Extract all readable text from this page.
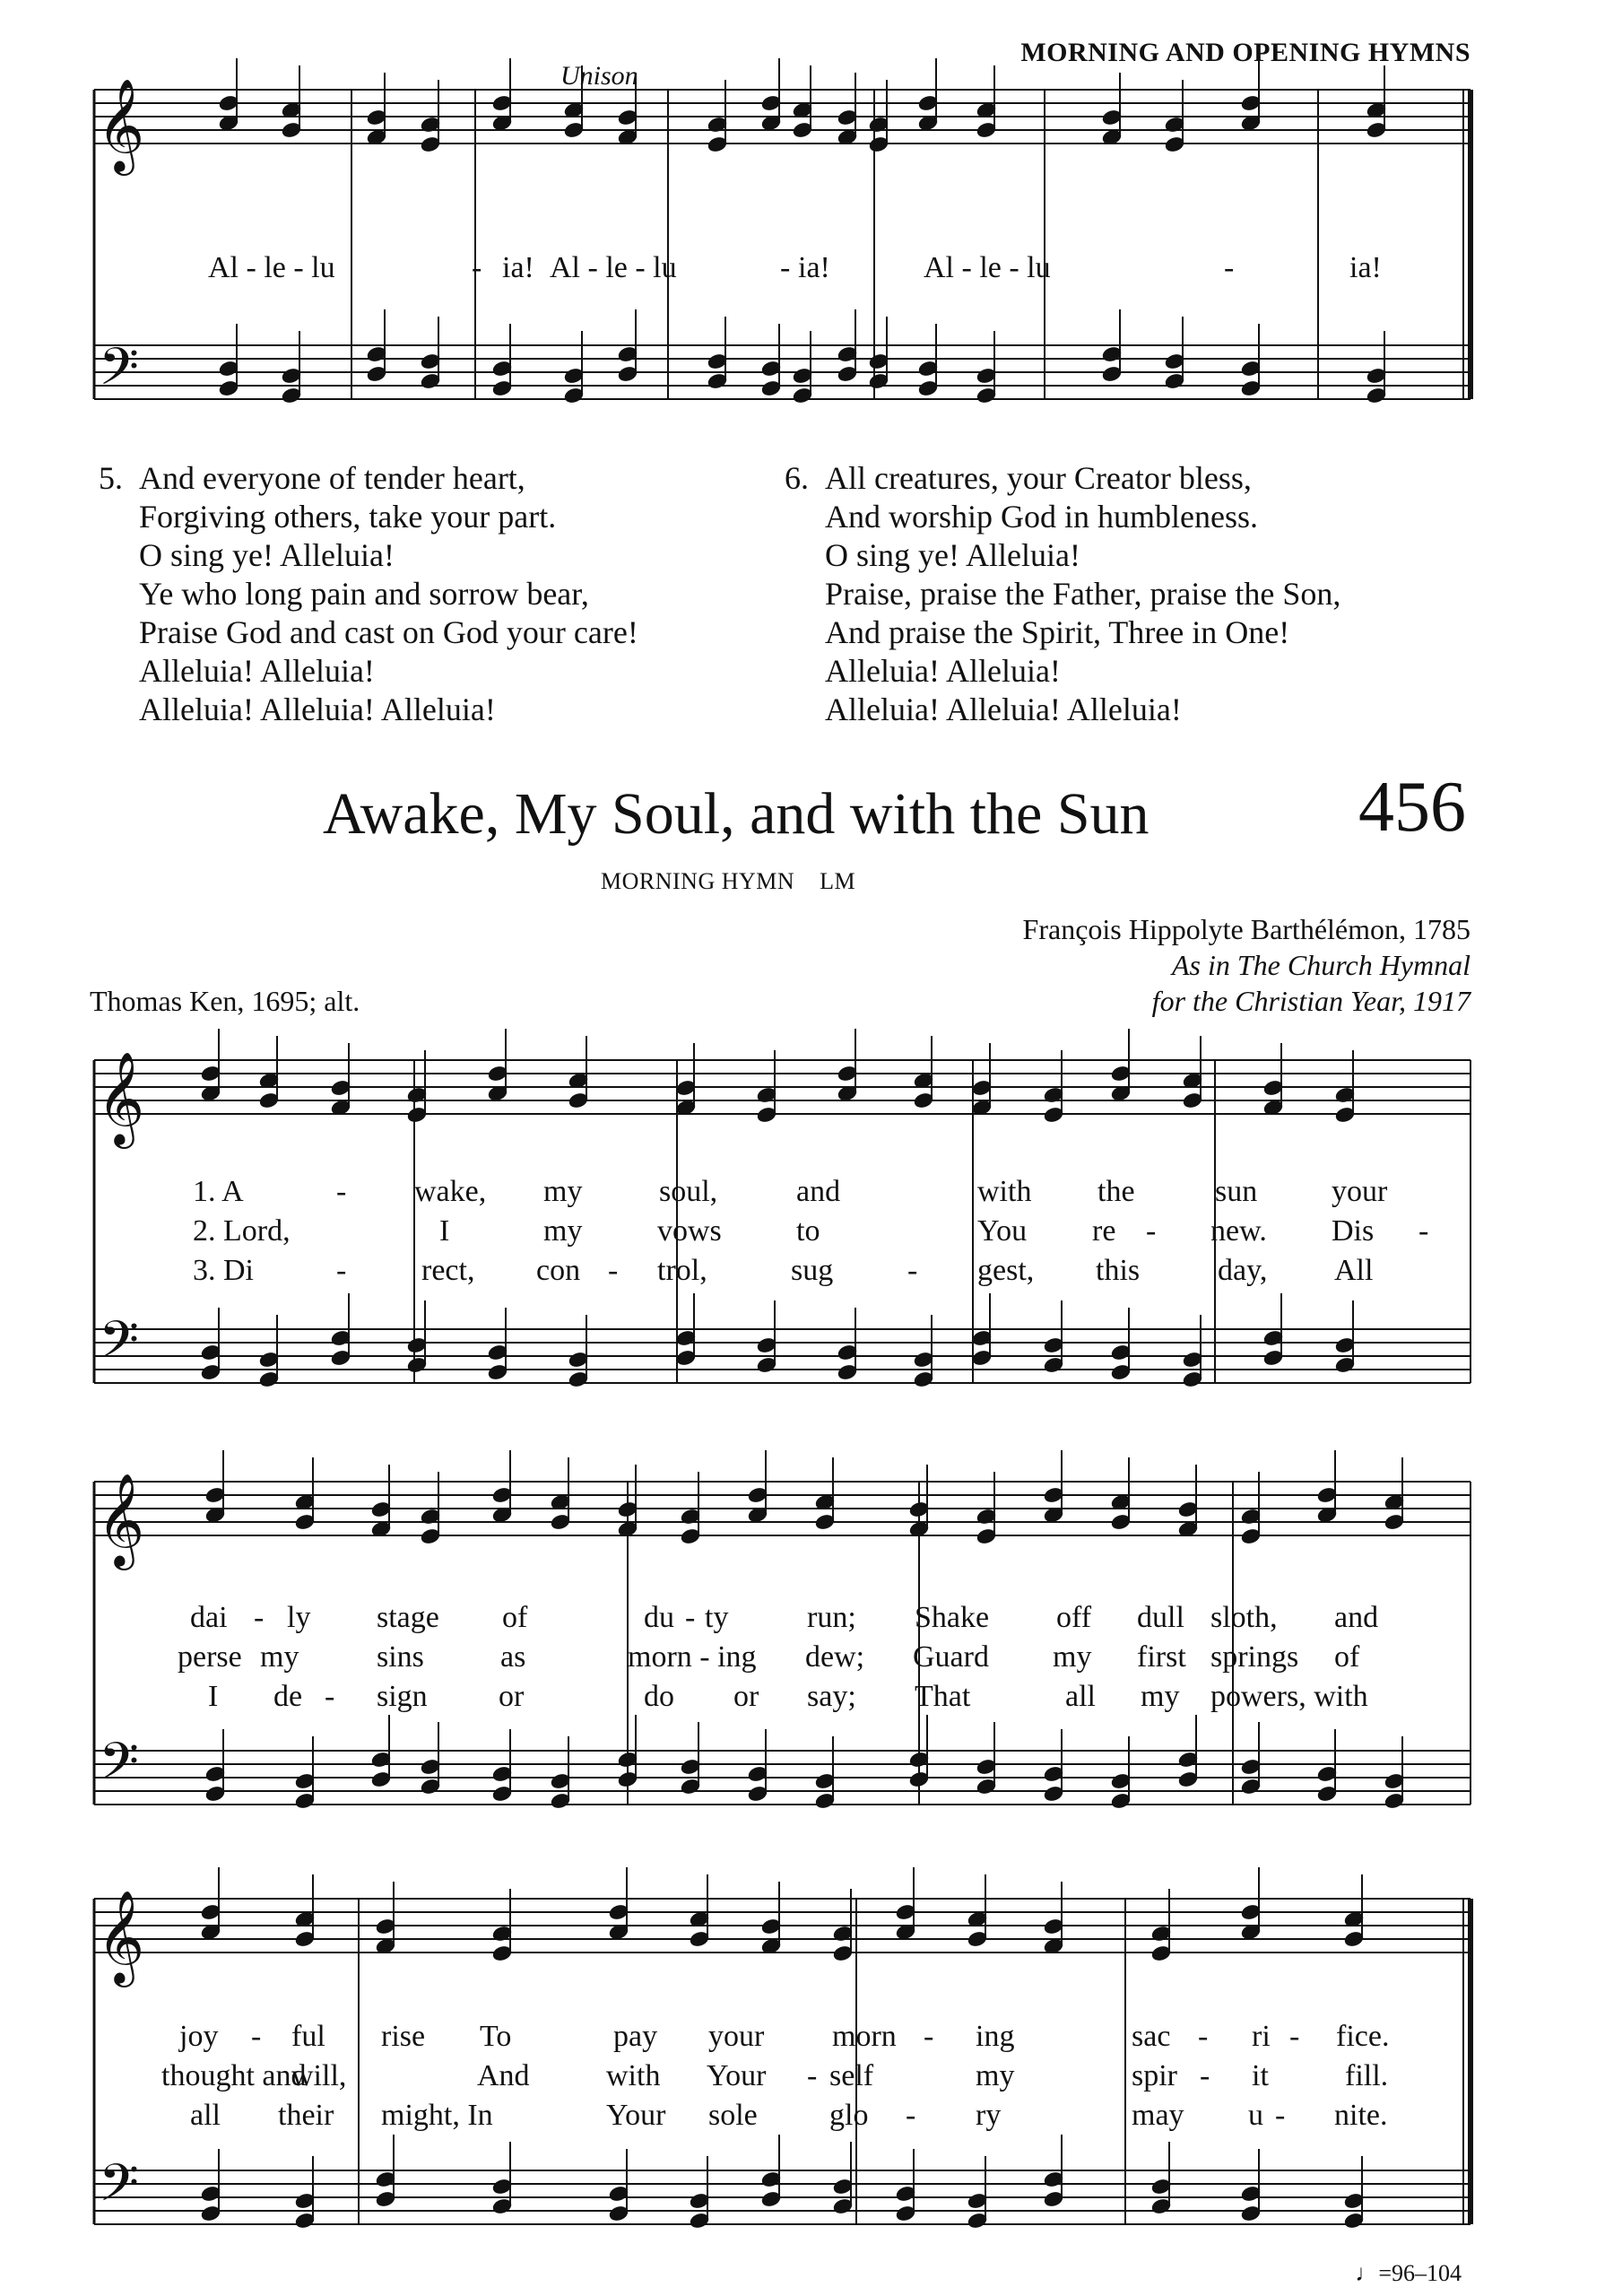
MORNING AND OPENING HYMNS
Unison
𝄞
𝄢
𝄞
𝄢
𝄞
𝄢
𝄞
𝄢
Al - le - lu	- ia! Al - le - lu	- ia!	Al - le - lu	-	ia!
5. And everyone of tender heart,
Forgiving others, take your part.
O sing ye! Alleluia!
Ye who long pain and sorrow bear,
Praise God and cast on God your care!
Alleluia! Alleluia!
Alleluia! Alleluia! Alleluia!
6. All creatures, your Creator bless,
And worship God in humbleness.
O sing ye! Alleluia!
Praise, praise the Father, praise the Son,
And praise the Spirit, Three in One!
Alleluia! Alleluia!
Alleluia! Alleluia! Alleluia!
Awake, My Soul, and with the Sun	456
MORNING HYMN    LM
François Hippolyte Barthélémon, 1785
As in The Church Hymnal
for the Christian Year, 1917
Thomas Ken, 1695; alt.
1. A	- wake, my	soul,	and	with the	sun your
2. Lord,	I	my vows to	You re - new. Dis -
3. Di	- rect, con - trol,	sug - gest, this	day, All
dai - ly stage of	du - ty	run; Shake off dull sloth, and
perse my	sins	as	morn - ing dew; Guard my first springs of
I de - sign or	do or say; That	all my powers, with
joy - ful rise To	pay your morn - ing	sac - ri - fice.
thought and
will,	And	with Your - self	my	spir - it	fill.
all their might, In	Your sole glo - ry	may u - nite.
♩=96–104
